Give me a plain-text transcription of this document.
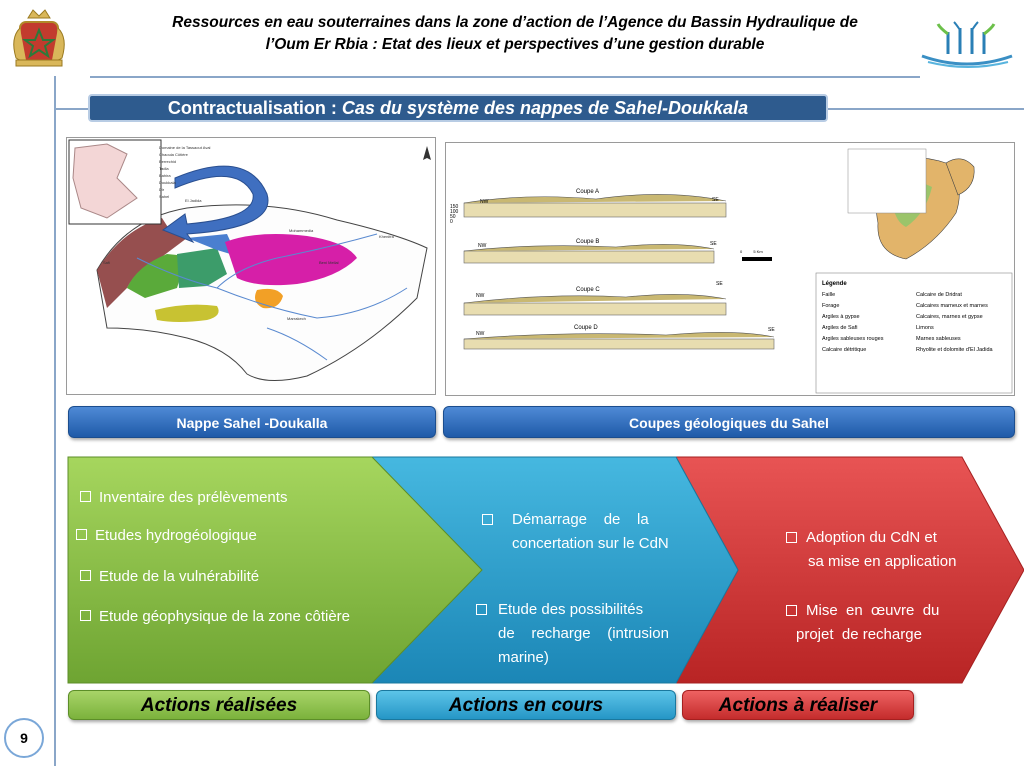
Ressources en eau souterraines dans la zone d’action de l’Agence du Bassin Hydraulique de
l’Oum Er Rbia : Etat des lieux et perspectives d’une gestion durable
Contractualisation : Cas du système des nappes de Sahel-Doukkala
Domaine de la Tassaout Aval
Chaouia Côtière
Berrechid
Tadla
Bahira
Doukkala
Dir
Sahel
Safi
El Jadida
Mohammedia
Beni Mellal
Khenifra
Marrakech
Coupe A
NW	SE
Coupe B
NW	SE
Coupe C
NW
SE
Coupe D
NW
SE
150
100
50
0
0          5 Km
Légende
Faille	Calcaire de Dridrat
Forage	Calcaires marneux et marnes
Argiles à gypse	Calcaires, marnes et gypse
Argiles de Safi	Limons
Argiles sableuses rouges	Marnes sableuses
Calcaire détritique	Rhyolite et dolomite d'El Jadida
Nappe Sahel -Doukalla	Coupes géologiques du Sahel
Inventaire des prélèvements
Etudes hydrogéologique
Etude de la vulnérabilité
Etude géophysique de la zone côtière
Démarrage    de    la
concertation sur le CdN
Etude des possibilités
de    recharge    (intrusion
marine)
Adoption du CdN et
sa mise en application
Mise  en  œuvre  du
projet  de recharge
Actions réalisées	Actions en cours	Actions à réaliser
9
